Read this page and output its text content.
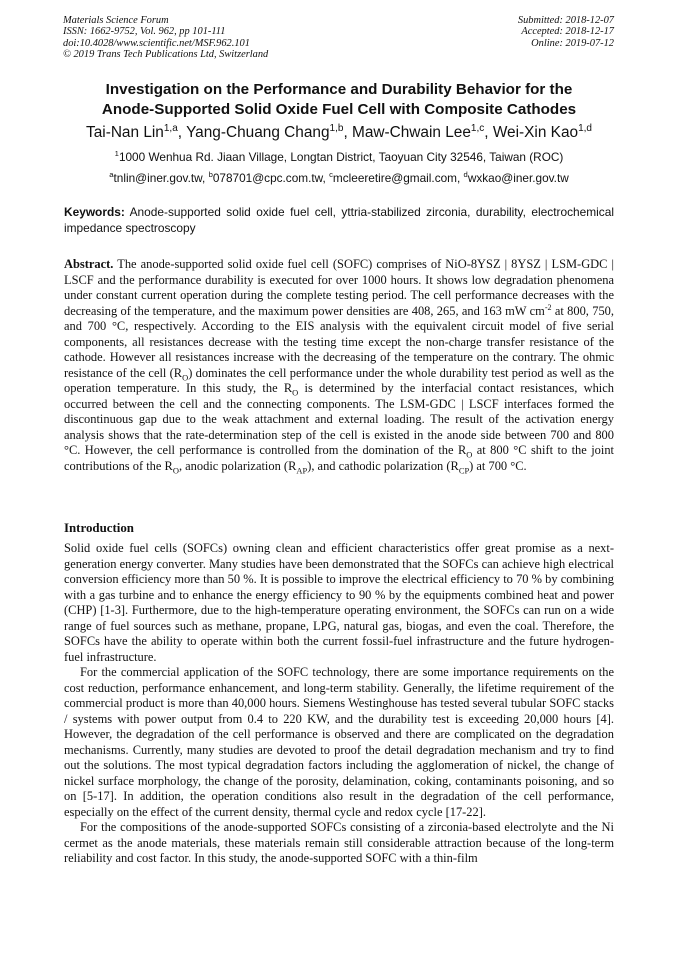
Materials Science Forum
ISSN: 1662-9752, Vol. 962, pp 101-111
doi:10.4028/www.scientific.net/MSF.962.101
© 2019 Trans Tech Publications Ltd, Switzerland
Submitted: 2018-12-07
Accepted: 2018-12-17
Online: 2019-07-12
Investigation on the Performance and Durability Behavior for the
Anode-Supported Solid Oxide Fuel Cell with Composite Cathodes
Tai-Nan Lin$^{1,a}$, Yang-Chuang Chang$^{1,b}$, Maw-Chwain Lee$^{1,c}$, Wei-Xin Kao$^{1,d}$
$^1$1000 Wenhua Rd. Jiaan Village, Longtan District, Taoyuan City 32546, Taiwan (ROC)
$^a$tnlin@iner.gov.tw, $^b$078701@cpc.com.tw, $^c$mcleeretire@gmail.com, $^d$wxkao@iner.gov.tw
Keywords: Anode-supported solid oxide fuel cell, yttria-stabilized zirconia, durability, electrochemical impedance spectroscopy
Abstract. The anode-supported solid oxide fuel cell (SOFC) comprises of NiO-8YSZ | 8YSZ | LSM-GDC | LSCF and the performance durability is executed for over 1000 hours. It shows low degradation phenomena under constant current operation during the complete testing period. The cell performance decreases with the decreasing of the temperature, and the maximum power densities are 408, 265, and 163 mW $cm^{-2}$ at 800, 750, and 700 °C, respectively. According to the EIS analysis with the equivalent circuit model of five serial components, all resistances decrease with the testing time except the non-charge transfer resistance of the cathode. However all resistances increase with the decreasing of the temperature on the contrary. The ohmic resistance of the cell $(R_O)$ dominates the cell performance under the whole durability test period as well as the operation temperature. In this study, the $R_O$ is determined by the interfacial contact resistances, which occurred between the cell and the connecting components. The LSM-GDC | LSCF interfaces formed the discontinuous gap due to the weak attachment and external loading. The result of the activation energy analysis shows that the rate-determination step of the cell is existed in the anode side between 700 and 800 °C. However, the cell performance is controlled from the domination of the $R_O$ at 800 °C shift to the joint contributions of the $R_O$, anodic polarization $(R_{AP})$, and cathodic polarization $(R_{CP})$ at 700 °C.
Introduction

Solid oxide fuel cells (SOFCs) owning clean and efficient characteristics offer great promise as a next-generation energy converter. Many studies have been demonstrated that the SOFCs can achieve high electrical conversion efficiency more than 50 %. It is possible to improve the electrical efficiency to 70 % by combining with a gas turbine and to enhance the energy efficiency to 90 % by the equipments combined heat and power (CHP) [1-3]. Furthermore, due to the high-temperature operating environment, the SOFCs can run on a wide range of fuel sources such as methane, propane, LPG, natural gas, biogas, and even the coal. Therefore, the SOFCs have the ability to operate within both the current fossil-fuel infrastructure and the future hydrogen-fuel infrastructure.

For the commercial application of the SOFC technology, there are some importance requirements on the cost reduction, performance enhancement, and long-term stability. Generally, the lifetime requirement of the commercial product is more than 40,000 hours. Siemens Westinghouse has tested several tubular SOFC stacks / systems with power output from 0.4 to 220 KW, and the durability test is exceeding 20,000 hours [4]. However, the degradation of the cell performance is observed and there are complicated on the degradation mechanisms. Currently, many studies are devoted to proof the detail degradation mechanism and try to find out the solutions. The most typical degradation factors including the agglomeration of nickel, the change of nickel surface morphology, the change of the porosity, delamination, coking, contaminants poisoning, and so on [5-17]. In addition, the operation conditions also result in the degradation of the cell performance, especially on the effect of the current density, thermal cycle and redox cycle [17-22].

For the compositions of the anode-supported SOFCs consisting of a zirconia-based electrolyte and the Ni cermet as the anode materials, these materials remain still considerable attraction because of the long-term reliability and cost factor. In this study, the anode-supported SOFC with a thin-film
